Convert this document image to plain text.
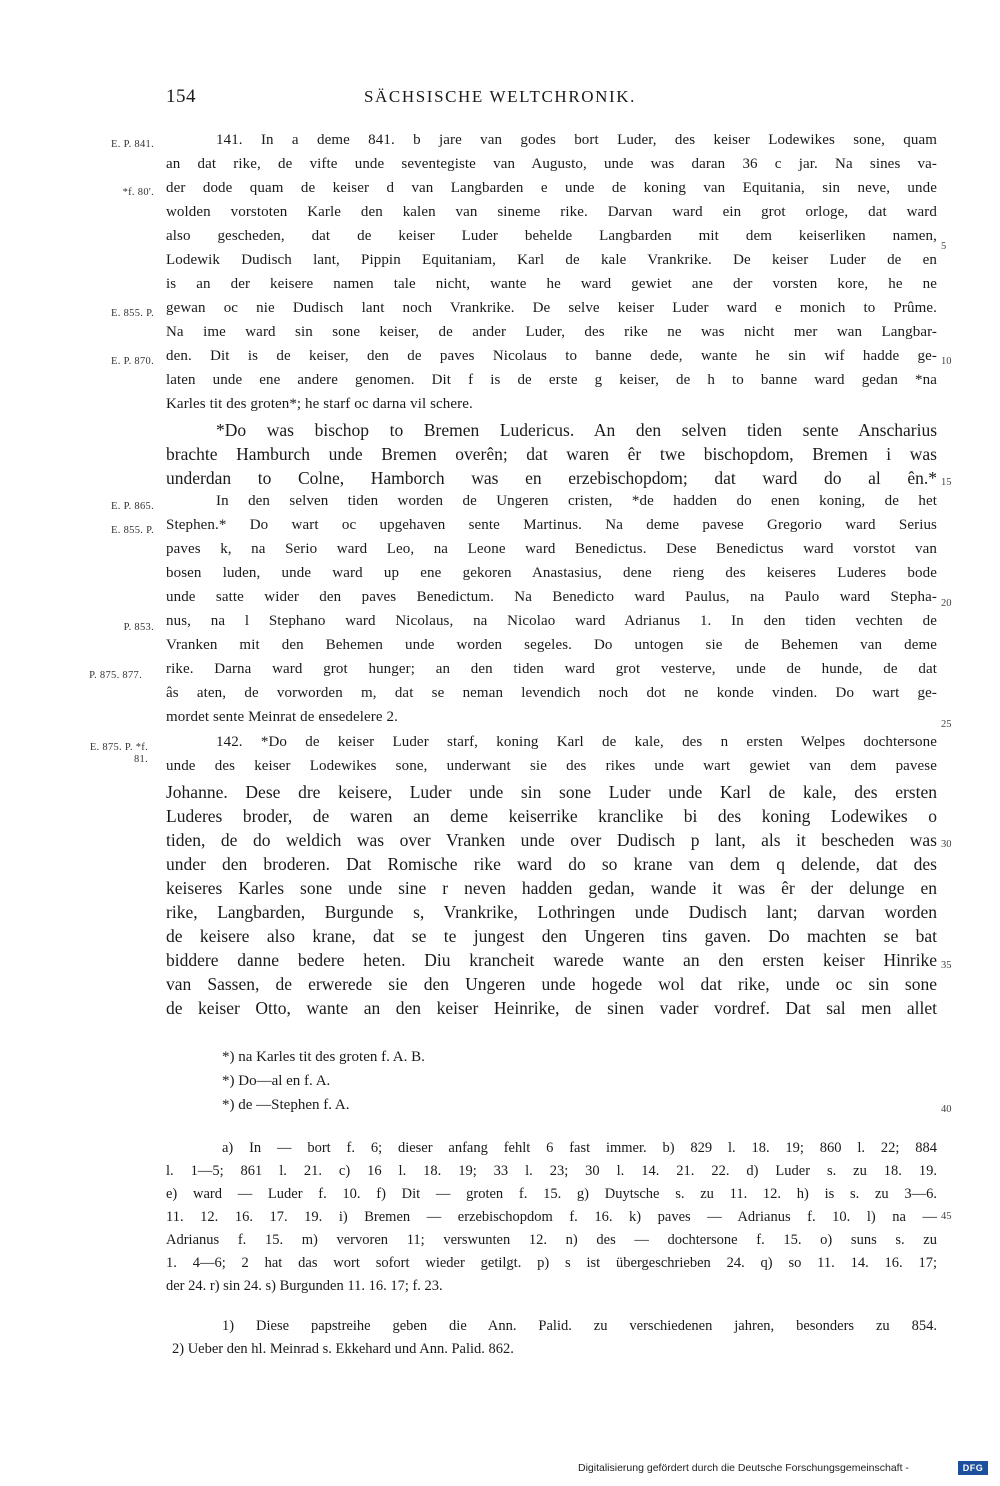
154	SÄCHSISCHE WELTCHRONIK.
E. P. 841.
*f. 80'.
E. 855. P.
E. P. 870.
E. P. 865.
E. 855. P.
P. 853.
P. 875. 877.
E. 875. P. *f. 81.
5
10
15
20
25
30
35
40
45
141. In a deme 841. b jare van godes bort Luder, des keiser Lodewikes sone, quam
an dat rike, de vifte unde seventegiste van Augusto, unde was daran 36 c jar. Na sines va-
der dode quam de keiser d van Langbarden e unde de koning van Equitania, sin neve, unde
wolden vorstoten Karle den kalen van sineme rike. Darvan ward ein grot orloge, dat ward
also gescheden, dat de keiser Luder behelde Langbarden mit dem keiserliken namen,
Lodewik Dudisch lant, Pippin Equitaniam, Karl de kale Vrankrike. De keiser Luder de en
is an der keisere namen tale nicht, wante he ward gewiet ane der vorsten kore, he ne
gewan oc nie Dudisch lant noch Vrankrike. De selve keiser Luder ward e monich to Prûme.
Na ime ward sin sone keiser, de ander Luder, des rike ne was nicht mer wan Langbar-
den. Dit is de keiser, den de paves Nicolaus to banne dede, wante he sin wif hadde ge-
laten unde ene andere genomen. Dit f is de erste g keiser, de h to banne ward gedan *na
Karles tit des groten*; he starf oc darna vil schere.
*Do was bischop to Bremen Ludericus. An den selven tiden sente Anscharius
brachte Hamburch unde Bremen overên; dat waren êr twe bischopdom, Bremen i was
underdan to Colne, Hamborch was en erzebischopdom; dat ward do al ên.*
In den selven tiden worden de Ungeren cristen, *de hadden do enen koning, de het
Stephen.* Do wart oc upgehaven sente Martinus. Na deme pavese Gregorio ward Serius
paves k, na Serio ward Leo, na Leone ward Benedictus. Dese Benedictus ward vorstot van
bosen luden, unde ward up ene gekoren Anastasius, dene rieng des keiseres Luderes bode
unde satte wider den paves Benedictum. Na Benedicto ward Paulus, na Paulo ward Stepha-
nus, na l Stephano ward Nicolaus, na Nicolao ward Adrianus 1. In den tiden vechten de
Vranken mit den Behemen unde worden segeles. Do untogen sie de Behemen van deme
rike. Darna ward grot hunger; an den tiden ward grot vesterve, unde de hunde, de dat
âs aten, de vorworden m, dat se neman levendich noch dot ne konde vinden. Do wart ge-
mordet sente Meinrat de ensedelere 2.
142. *Do de keiser Luder starf, koning Karl de kale, des n ersten Welpes dochtersone
unde des keiser Lodewikes sone, underwant sie des rikes unde wart gewiet van dem pavese
Johanne. Dese dre keisere, Luder unde sin sone Luder unde Karl de kale, des ersten
Luderes broder, de waren an deme keiserrike kranclike bi des koning Lodewikes o
tiden, de do weldich was over Vranken unde over Dudisch p lant, als it bescheden was
under den broderen. Dat Romische rike ward do so krane van dem q delende, dat des
keiseres Karles sone unde sine r neven hadden gedan, wande it was êr der delunge en
rike, Langbarden, Burgunde s, Vrankrike, Lothringen unde Dudisch lant; darvan worden
de keisere also krane, dat se te jungest den Ungeren tins gaven. Do machten se bat
biddere danne bedere heten. Diu krancheit warede wante an den ersten keiser Hinrike
van Sassen, de erwerede sie den Ungeren unde hogede wol dat rike, unde oc sin sone
de keiser Otto, wante an den keiser Heinrike, de sinen vader vordref. Dat sal men allet
*) na Karles tit des groten f. A. B.
*) Do—al en f. A.
*) de —Stephen f. A.
a) In — bort f. 6; dieser anfang fehlt 6 fast immer. b) 829 l. 18. 19; 860 l. 22; 884
l. 1—5; 861 l. 21. c) 16 l. 18. 19; 33 l. 23; 30 l. 14. 21. 22. d) Luder s. zu 18. 19.
e) ward — Luder f. 10. f) Dit — groten f. 15. g) Duytsche s. zu 11. 12. h) is s. zu 3—6.
11. 12. 16. 17. 19. i) Bremen — erzebischopdom f. 16. k) paves — Adrianus f. 10. l) na —
Adrianus f. 15. m) vervoren 11; verswunten 12. n) des — dochtersone f. 15. o) suns s. zu
1. 4—6; 2 hat das wort sofort wieder getilgt. p) s ist übergeschrieben 24. q) so 11. 14. 16. 17;
der 24. r) sin 24. s) Burgunden 11. 16. 17; f. 23.
1) Diese papstreihe geben die Ann. Palid. zu verschiedenen jahren, besonders zu 854.
2) Ueber den hl. Meinrad s. Ekkehard und Ann. Palid. 862.
Digitalisierung gefördert durch die Deutsche Forschungsgemeinschaft -	DFG
